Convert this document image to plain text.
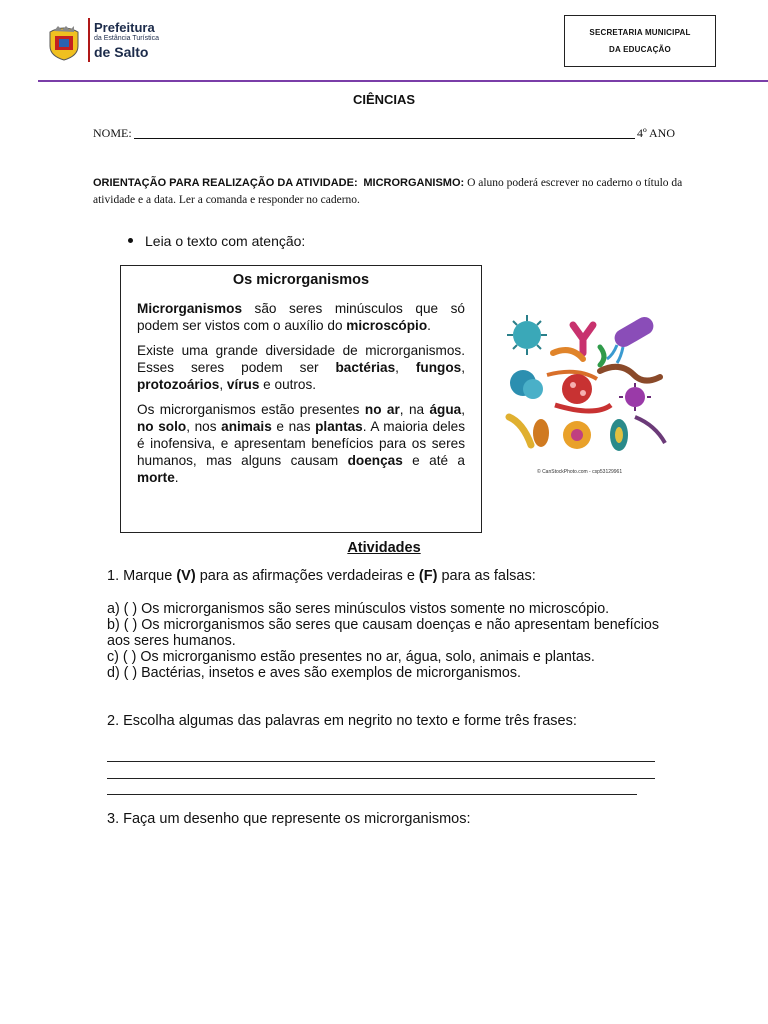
Prefeitura
da Estância Turística
de Salto
SECRETARIA MUNICIPAL
DA EDUCAÇÃO
CIÊNCIAS
NOME:	4º ANO
ORIENTAÇÃO PARA REALIZAÇÃO DA ATIVIDADE: MICRORGANISMO: O aluno poderá escrever no caderno o título da atividade e a data. Ler a comanda e responder no caderno.
Leia o texto com atenção:
Os microrganismos

Microrganismos são seres minúsculos que só podem ser vistos com o auxílio do microscópio.

Existe uma grande diversidade de microrganismos. Esses seres podem ser bactérias, fungos, protozoários, vírus e outros.

Os microrganismos estão presentes no ar, na água, no solo, nos animais e nas plantas. A maioria deles é inofensiva, e apresentam benefícios para os seres humanos, mas alguns causam doenças e até a morte.	© CanStockPhoto.com - csp53129961
Atividades
1. Marque (V) para as afirmações verdadeiras e (F) para as falsas:
a) ( ) Os microrganismos são seres minúsculos vistos somente no microscópio.
b) ( ) Os microrganismos são seres que causam doenças e não apresentam benefícios aos seres humanos.
c) ( ) Os microrganismo estão presentes no ar, água, solo, animais e plantas.
d) ( ) Bactérias, insetos e aves são exemplos de microrganismos.
2. Escolha algumas das palavras em negrito no texto e forme três frases:
3. Faça um desenho que represente os microrganismos:
